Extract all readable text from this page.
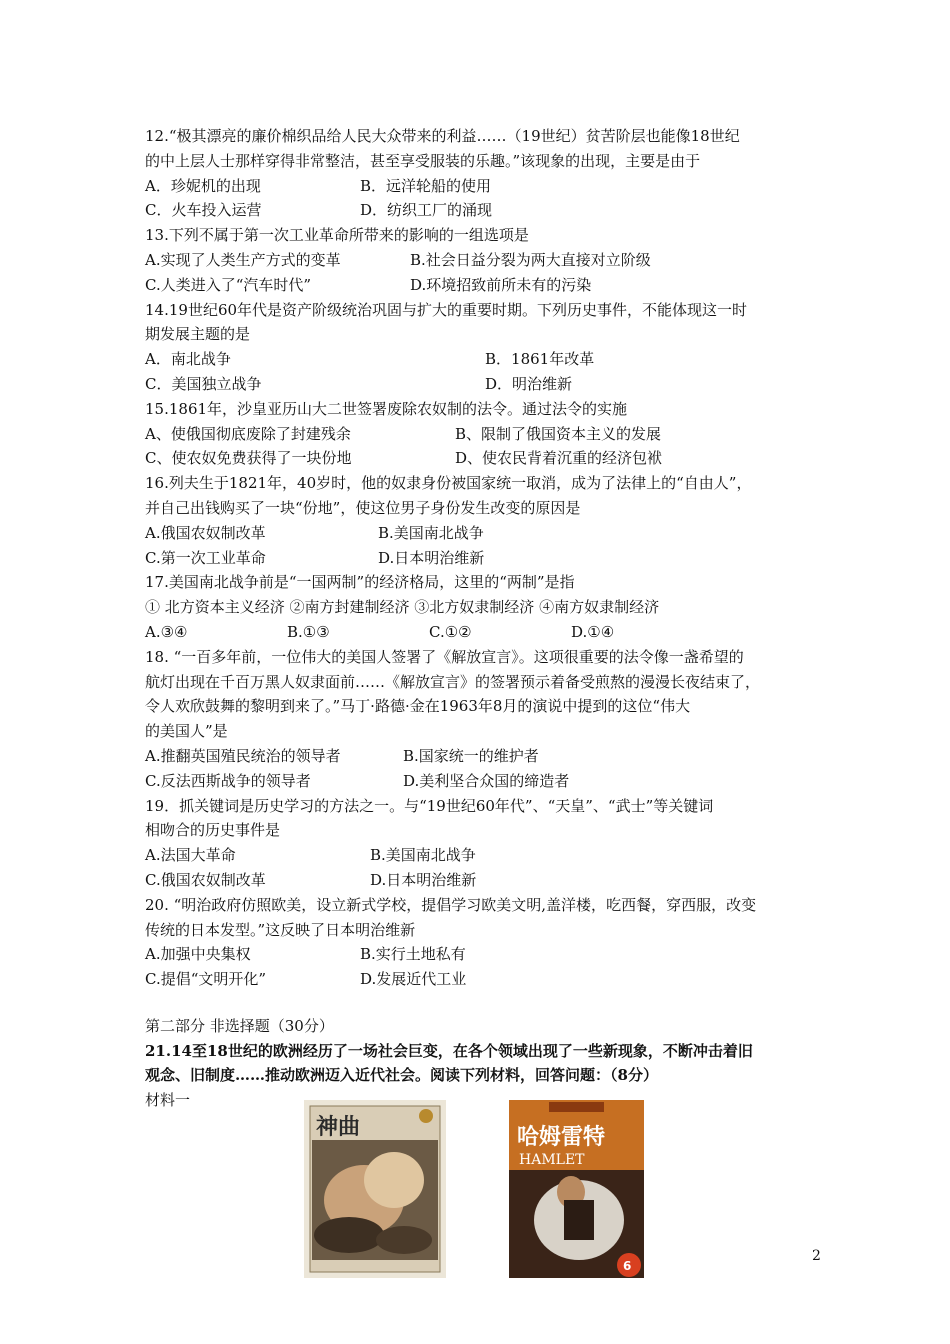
12.“极其漂亮的廉价棉织品给人民大众带来的利益……（19世纪）贫苦阶层也能像18世纪
的中上层人士那样穿得非常整洁，甚至享受服装的乐趣。”该现象的出现，主要是由于
A．珍妮机的出现	B．远洋轮船的使用
C．火车投入运营	D．纺织工厂的涌现
13.下列不属于第一次工业革命所带来的影响的一组选项是
A.实现了人类生产方式的变革	B.社会日益分裂为两大直接对立阶级
C.人类进入了“汽车时代”	D.环境招致前所未有的污染
14.19世纪60年代是资产阶级统治巩固与扩大的重要时期。下列历史事件，不能体现这一时
期发展主题的是
A．南北战争	B．1861年改革
C．美国独立战争	D．明治维新
15.1861年，沙皇亚历山大二世签署废除农奴制的法令。通过法令的实施
A、使俄国彻底废除了封建残余	B、限制了俄国资本主义的发展
C、使农奴免费获得了一块份地	D、使农民背着沉重的经济包袱
16.列夫生于1821年，40岁时，他的奴隶身份被国家统一取消，成为了法律上的“自由人”，
并自己出钱购买了一块“份地”，使这位男子身份发生改变的原因是
A.俄国农奴制改革	B.美国南北战争
C.第一次工业革命	D.日本明治维新
17.美国南北战争前是“一国两制”的经济格局，这里的“两制”是指
① 北方资本主义经济 ②南方封建制经济 ③北方奴隶制经济 ④南方奴隶制经济
A.③④	B.①③	C.①②	D.①④
18. “一百多年前，一位伟大的美国人签署了《解放宣言》。这项很重要的法令像一盏希望的
航灯出现在千百万黑人奴隶面前……《解放宣言》的签署预示着备受煎熬的漫漫长夜结束了，
令人欢欣鼓舞的黎明到来了。”马丁·路德·金在1963年8月的演说中提到的这位“伟大
的美国人”是
A.推翻英国殖民统治的领导者	B.国家统一的维护者
C.反法西斯战争的领导者	D.美利坚合众国的缔造者
19．抓关键词是历史学习的方法之一。与“19世纪60年代”、“天皇”、“武士”等关键词
相吻合的历史事件是
A.法国大革命	B.美国南北战争
C.俄国农奴制改革	D.日本明治维新
20. “明治政府仿照欧美，设立新式学校，提倡学习欧美文明,盖洋楼，吃西餐，穿西服，改变
传统的日本发型。”这反映了日本明治维新
A.加强中央集权	B.实行土地私有
C.提倡“文明开化”	D.发展近代工业
第二部分 非选择题（30分）
21.14至18世纪的欧洲经历了一场社会巨变，在各个领域出现了一些新现象，不断冲击着旧
观念、旧制度……推动欧洲迈入近代社会。阅读下列材料，回答问题：（8分）
材料一
神曲
6
哈姆雷特
HAMLET
2
